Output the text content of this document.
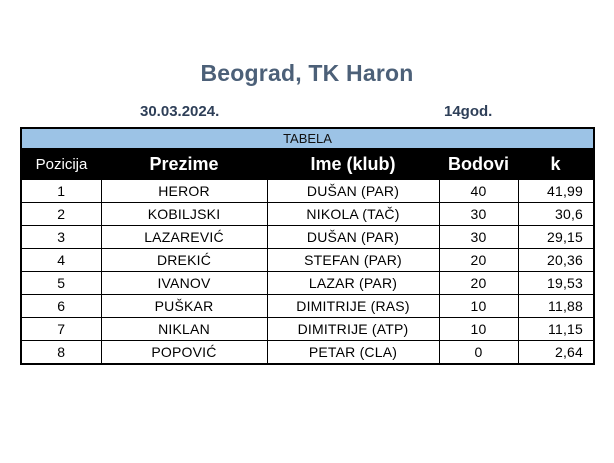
Beograd, TK Haron
30.03.2024.	14god.
TABELA				
Pozicija	Prezime	Ime (klub)	Bodovi	k
1	HEROR	DUŠAN (PAR)	40	41,99
2	KOBILJSKI	NIKOLA (TAČ)	30	30,6
3	LAZAREVIĆ	DUŠAN (PAR)	30	29,15
4	DREKIĆ	STEFAN (PAR)	20	20,36
5	IVANOV	LAZAR (PAR)	20	19,53
6	PUŠKAR	DIMITRIJE (RAS)	10	11,88
7	NIKLAN	DIMITRIJE (ATP)	10	11,15
8	POPOVIĆ	PETAR (CLA)	0	2,64
